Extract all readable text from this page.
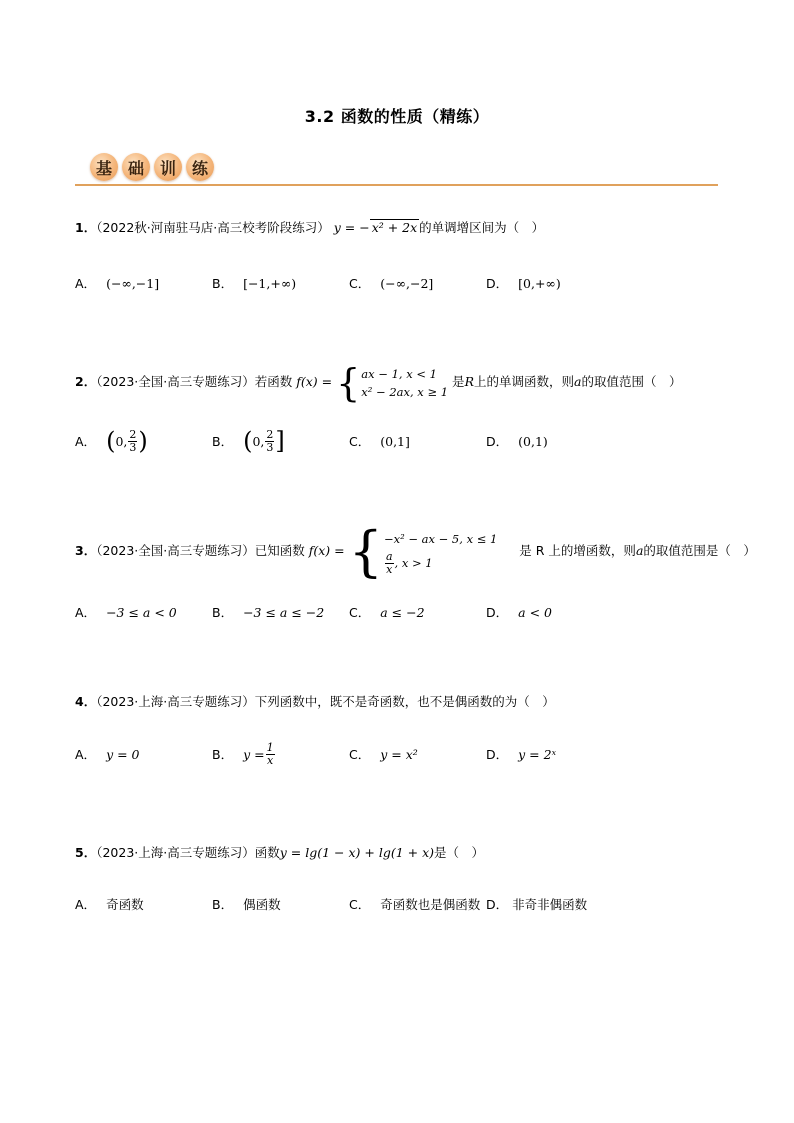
3.2 函数的性质（精练）
基 础 训 练
1．（2022秋·河南驻马店·高三校考阶段练习） y = − x² + 2x 的单调增区间为（　）
A． (−∞,−1]	B． [−1,+∞)	C． (−∞,−2]	D． [0,+∞)
2．（2023·全国·高三专题练习）若函数 f(x) = { ax − 1, x < 1
x² − 2ax, x ≥ 1
是R上的单调函数，则a的取值范围（　）
A． ( 0, $\frac{2}{3}$ )	B． ( 0, $\frac{2}{3}$ ]	C． (0,1]	D． (0,1)
3．（2023·全国·高三专题练习）已知函数 f(x) = { −x² − ax − 5, x ≤ 1
$\frac{a}{x}$ , x > 1
是 R 上的增函数，则a的取值范围是（　）
A． −3 ≤ a < 0	B． −3 ≤ a ≤ −2 C． a ≤ −2	D． a < 0
4．（2023·上海·高三专题练习）下列函数中，既不是奇函数，也不是偶函数的为（　）
A． y = 0	B． $y = \frac{1}{x}$	C． y = x²	D． y = 2ˣ
5．（2023·上海·高三专题练习）函数y = lg(1 − x) + lg(1 + x)是（　）
A． 奇函数	B． 偶函数	C． 奇函数也是偶函数 D． 非奇非偶函数
